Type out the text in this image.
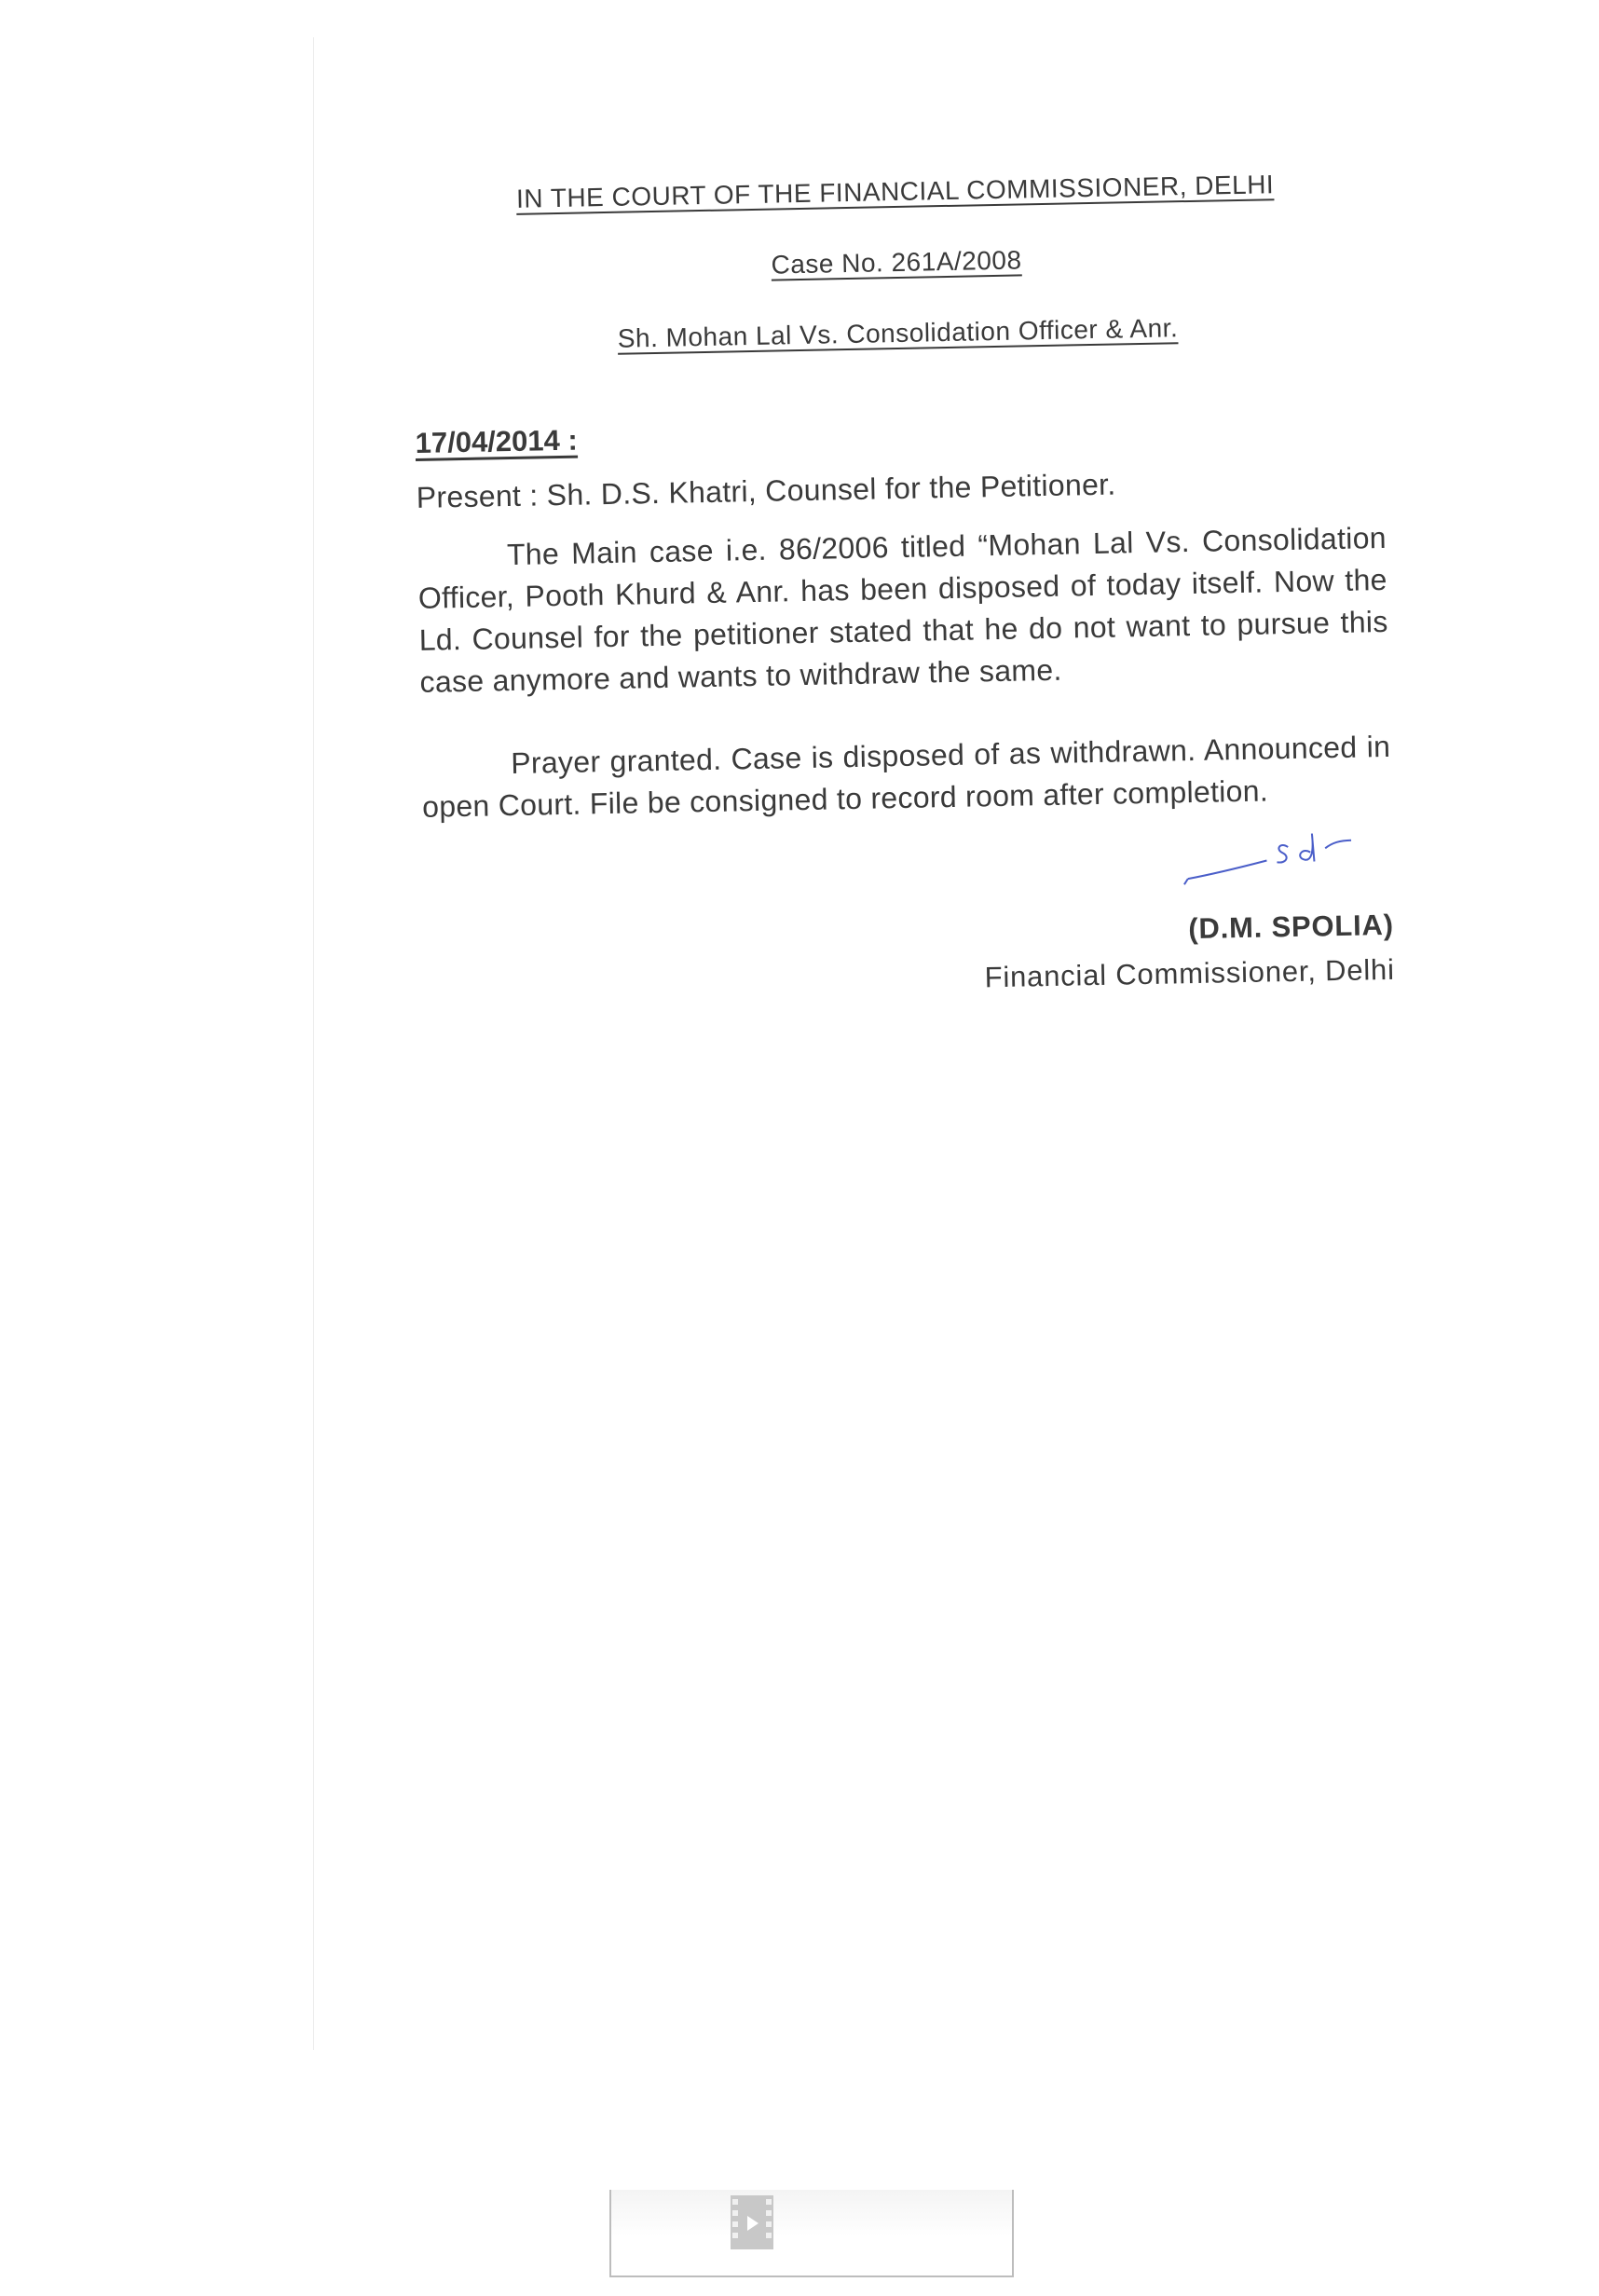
IN THE COURT OF THE FINANCIAL COMMISSIONER, DELHI

Case No. 261A/2008

Sh. Mohan Lal Vs. Consolidation Officer & Anr.

17/04/2014 :
Present : Sh. D.S. Khatri, Counsel for the Petitioner.

The Main case i.e. 86/2006 titled “Mohan Lal Vs. Consolidation Officer, Pooth Khurd & Anr. has been disposed of today itself. Now the Ld. Counsel for the petitioner stated that he do not want to pursue this case anymore and wants to withdraw the same.

Prayer granted. Case is disposed of as withdrawn. Announced in open Court. File be consigned to record room after completion.

(D.M. SPOLIA)
Financial Commissioner, Delhi
